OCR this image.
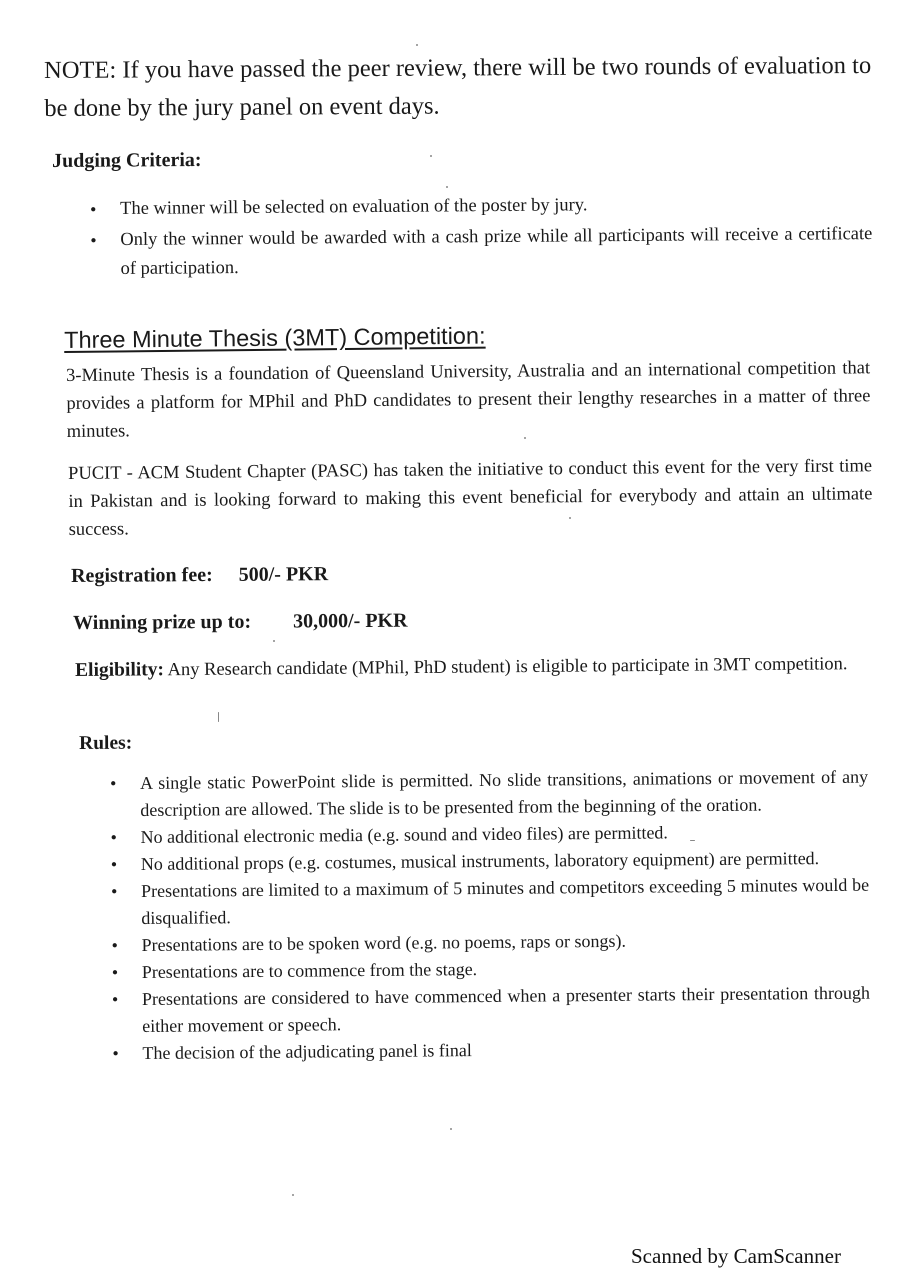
NOTE: If you have passed the peer review, there will be two rounds of evaluation to be done by the jury panel on event days.
Judging Criteria:
• The winner will be selected on evaluation of the poster by jury.
• Only the winner would be awarded with a cash prize while all participants will receive a certificate of participation.
Three Minute Thesis (3MT) Competition:
3-Minute Thesis is a foundation of Queensland University, Australia and an international competition that provides a platform for MPhil and PhD candidates to present their lengthy researches in a matter of three minutes.
PUCIT - ACM Student Chapter (PASC) has taken the initiative to conduct this event for the very first time in Pakistan and is looking forward to making this event beneficial for everybody and attain an ultimate success.
Registration fee: 500/- PKR
Winning prize up to: 30,000/- PKR
Eligibility: Any Research candidate (MPhil, PhD student) is eligible to participate in 3MT competition.
Rules:
• A single static PowerPoint slide is permitted. No slide transitions, animations or movement of any description are allowed. The slide is to be presented from the beginning of the oration.
• No additional electronic media (e.g. sound and video files) are permitted.
• No additional props (e.g. costumes, musical instruments, laboratory equipment) are permitted.
• Presentations are limited to a maximum of 5 minutes and competitors exceeding 5 minutes would be disqualified.
• Presentations are to be spoken word (e.g. no poems, raps or songs).
• Presentations are to commence from the stage.
• Presentations are considered to have commenced when a presenter starts their presentation through either movement or speech.
• The decision of the adjudicating panel is final
Scanned by CamScanner
